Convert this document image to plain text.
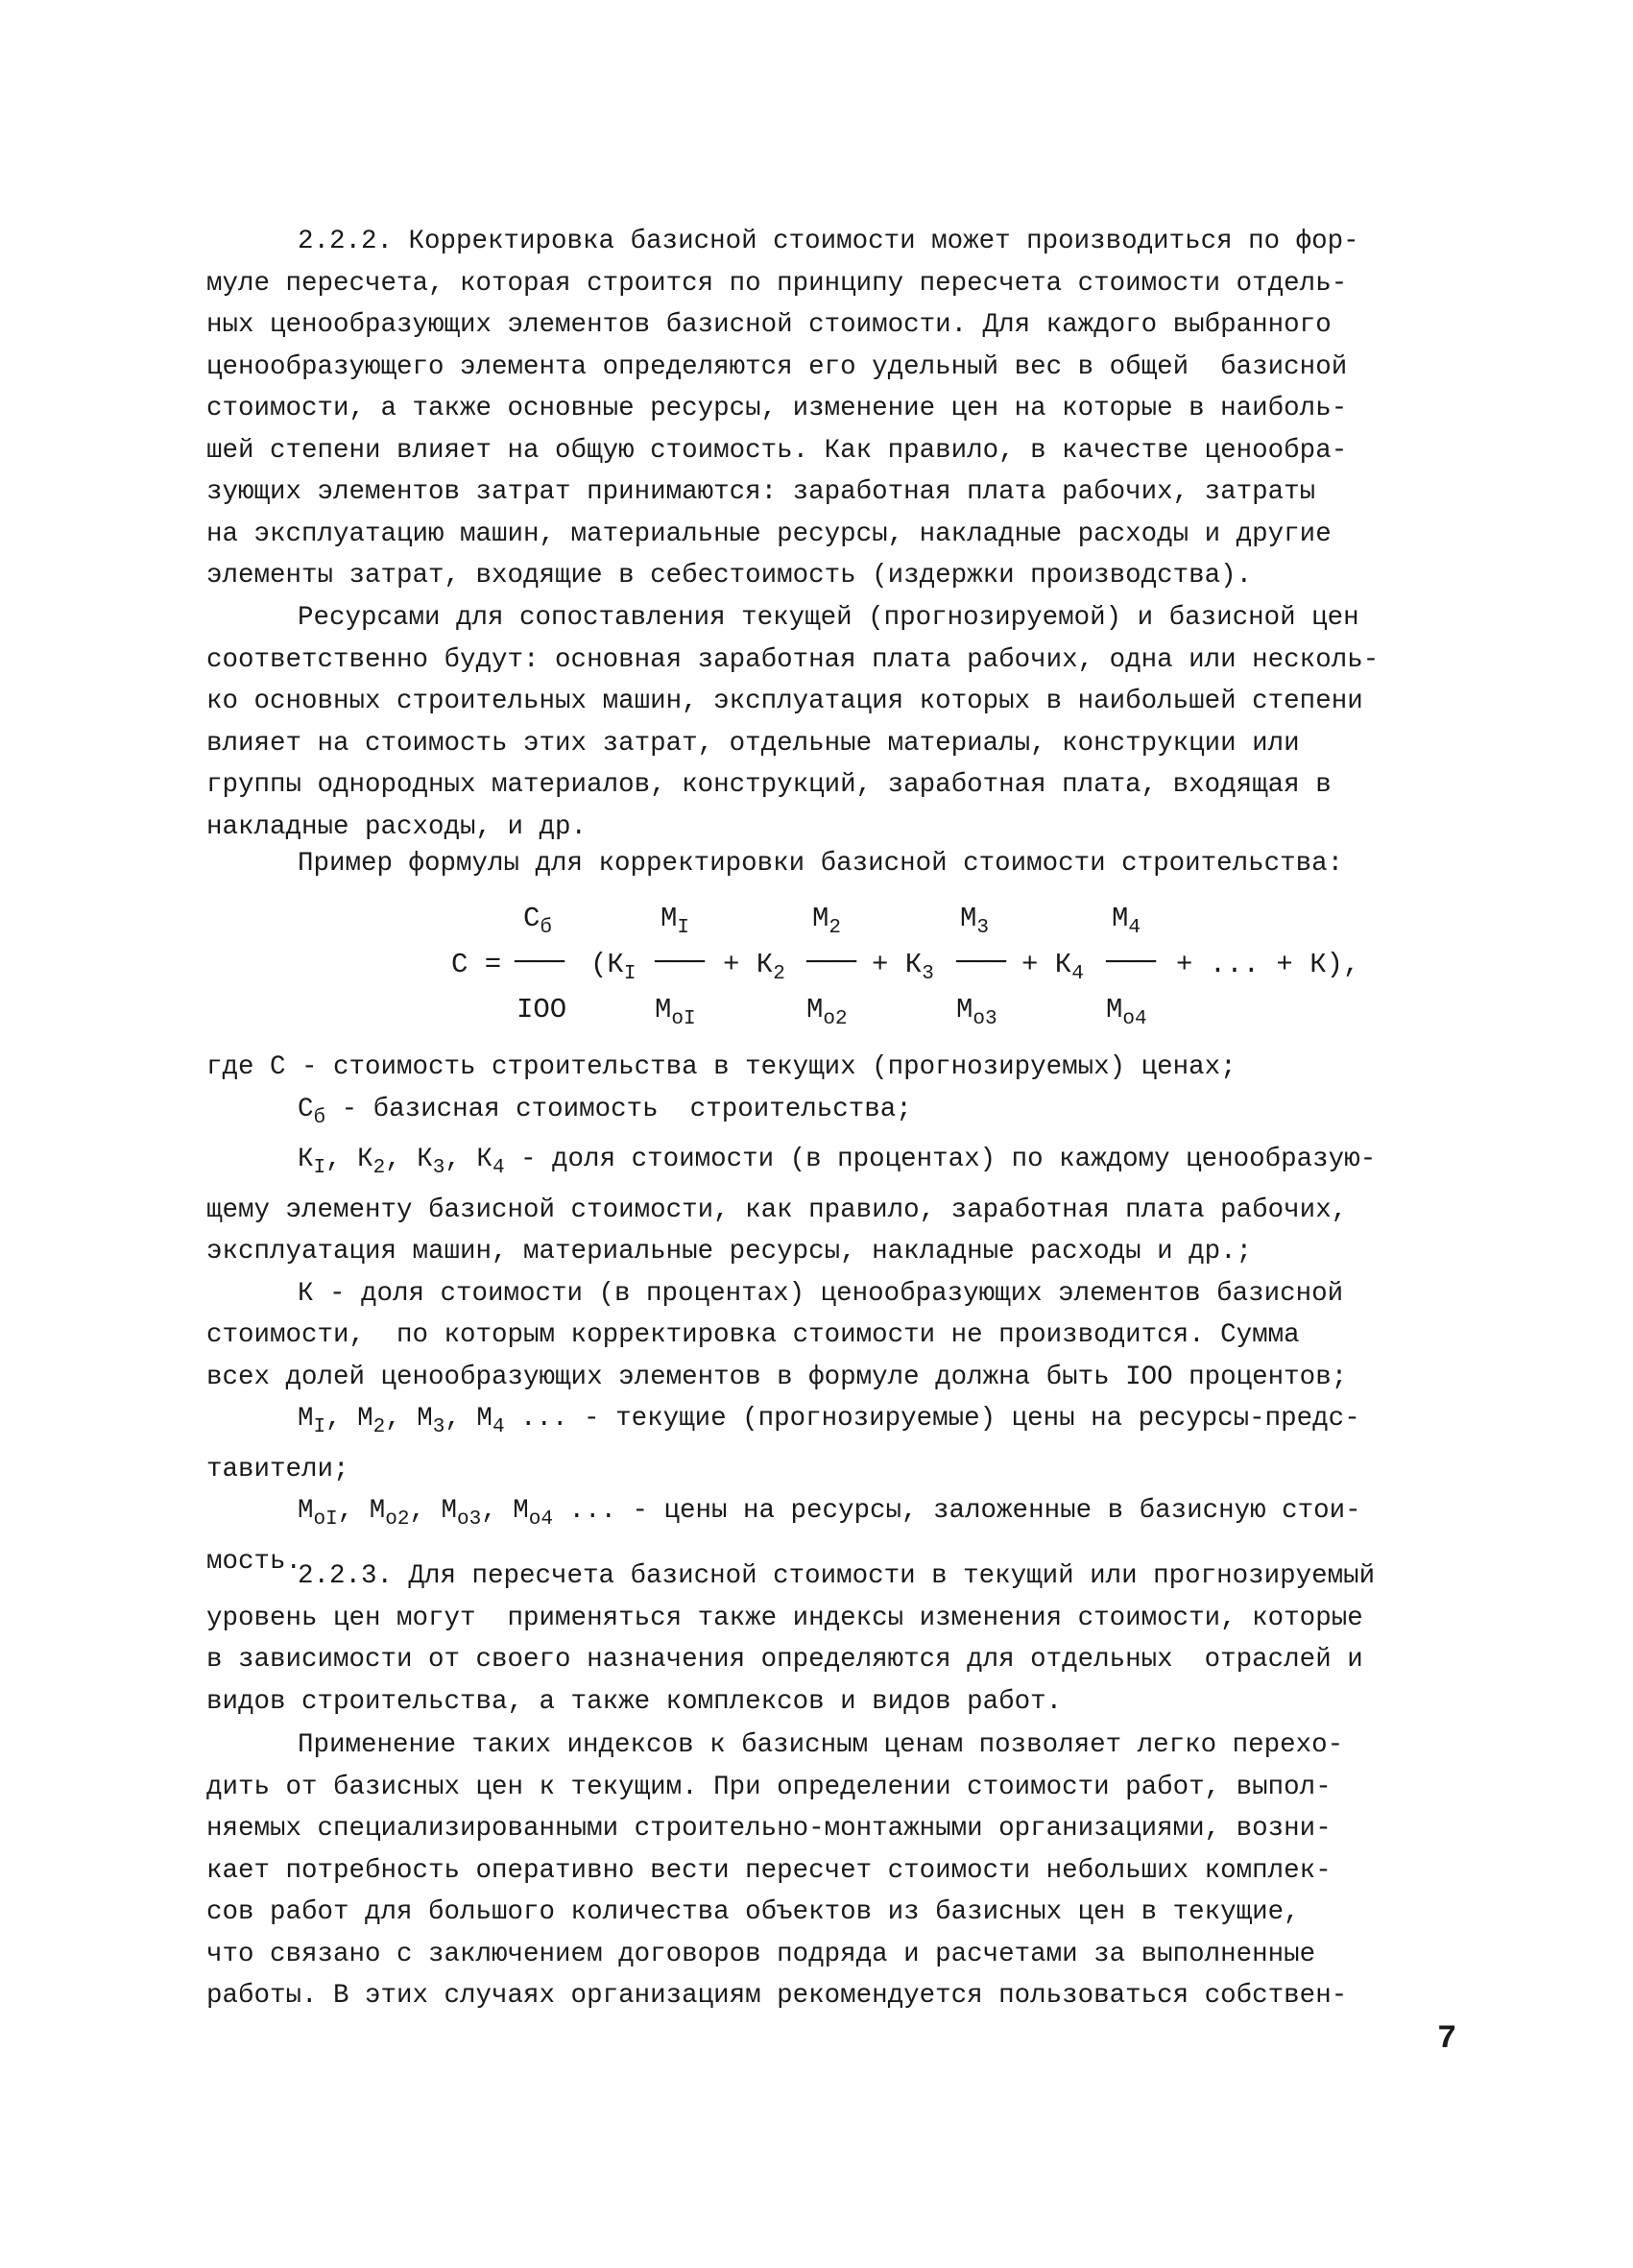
2.2.2. Корректировка базисной стоимости может производиться по фор-
муле пересчета, которая строится по принципу пересчета стоимости отдель-
ных ценообразующих элементов базисной стоимости. Для каждого выбранного
ценообразующего элемента определяются его удельный вес в общей  базисной
стоимости, а также основные ресурсы, изменение цен на которые в наиболь-
шей степени влияет на общую стоимость. Как правило, в качестве ценообра-
зующих элементов затрат принимаются: заработная плата рабочих, затраты
на эксплуатацию машин, материальные ресурсы, накладные расходы и другие
элементы затрат, входящие в себестоимость (издержки производства).
Ресурсами для сопоставления текущей (прогнозируемой) и базисной цен
соответственно будут: основная заработная плата рабочих, одна или несколь-
ко основных строительных машин, эксплуатация которых в наибольшей степени
влияет на стоимость этих затрат, отдельные материалы, конструкции или
группы однородных материалов, конструкций, заработная плата, входящая в
накладные расходы, и др.
Пример формулы для корректировки базисной стоимости строительства:
$С_б$	$М_I$	$М_2$	$М_3$	$М_4$
С = ─── ($К_I$ ─── + $К_2$ ─── + $К_3$ ─── + $К_4$ ─── + ... + К),
IOO	$М_{oI}$	$М_{o2}$	$М_{o3}$	$М_{o4}$
где С - стоимость строительства в текущих (прогнозируемых) ценах;
$С_б$ - базисная стоимость  строительства;
$К_I$, $К_2$, $К_3$, $К_4$ - доля стоимости (в процентах) по каждому ценообразую-
щему элементу базисной стоимости, как правило, заработная плата рабочих,
эксплуатация машин, материальные ресурсы, накладные расходы и др.;
К - доля стоимости (в процентах) ценообразующих элементов базисной
стоимости,  по которым корректировка стоимости не производится. Сумма
всех долей ценообразующих элементов в формуле должна быть IOO процентов;
$М_I$, $М_2$, $М_3$, $М_4$ ... - текущие (прогнозируемые) цены на ресурсы-предс-
тавители;
$М_{oI}$, $М_{o2}$, $М_{o3}$, $М_{o4}$ ... - цены на ресурсы, заложенные в базисную стои-
мость.
2.2.3. Для пересчета базисной стоимости в текущий или прогнозируемый
уровень цен могут  применяться также индексы изменения стоимости, которые
в зависимости от своего назначения определяются для отдельных  отраслей и
видов строительства, а также комплексов и видов работ.
Применение таких индексов к базисным ценам позволяет легко перехо-
дить от базисных цен к текущим. При определении стоимости работ, выпол-
няемых специализированными строительно-монтажными организациями, возни-
кает потребность оперативно вести пересчет стоимости небольших комплек-
сов работ для большого количества объектов из базисных цен в текущие,
что связано с заключением договоров подряда и расчетами за выполненные
работы. В этих случаях организациям рекомендуется пользоваться собствен-
7
